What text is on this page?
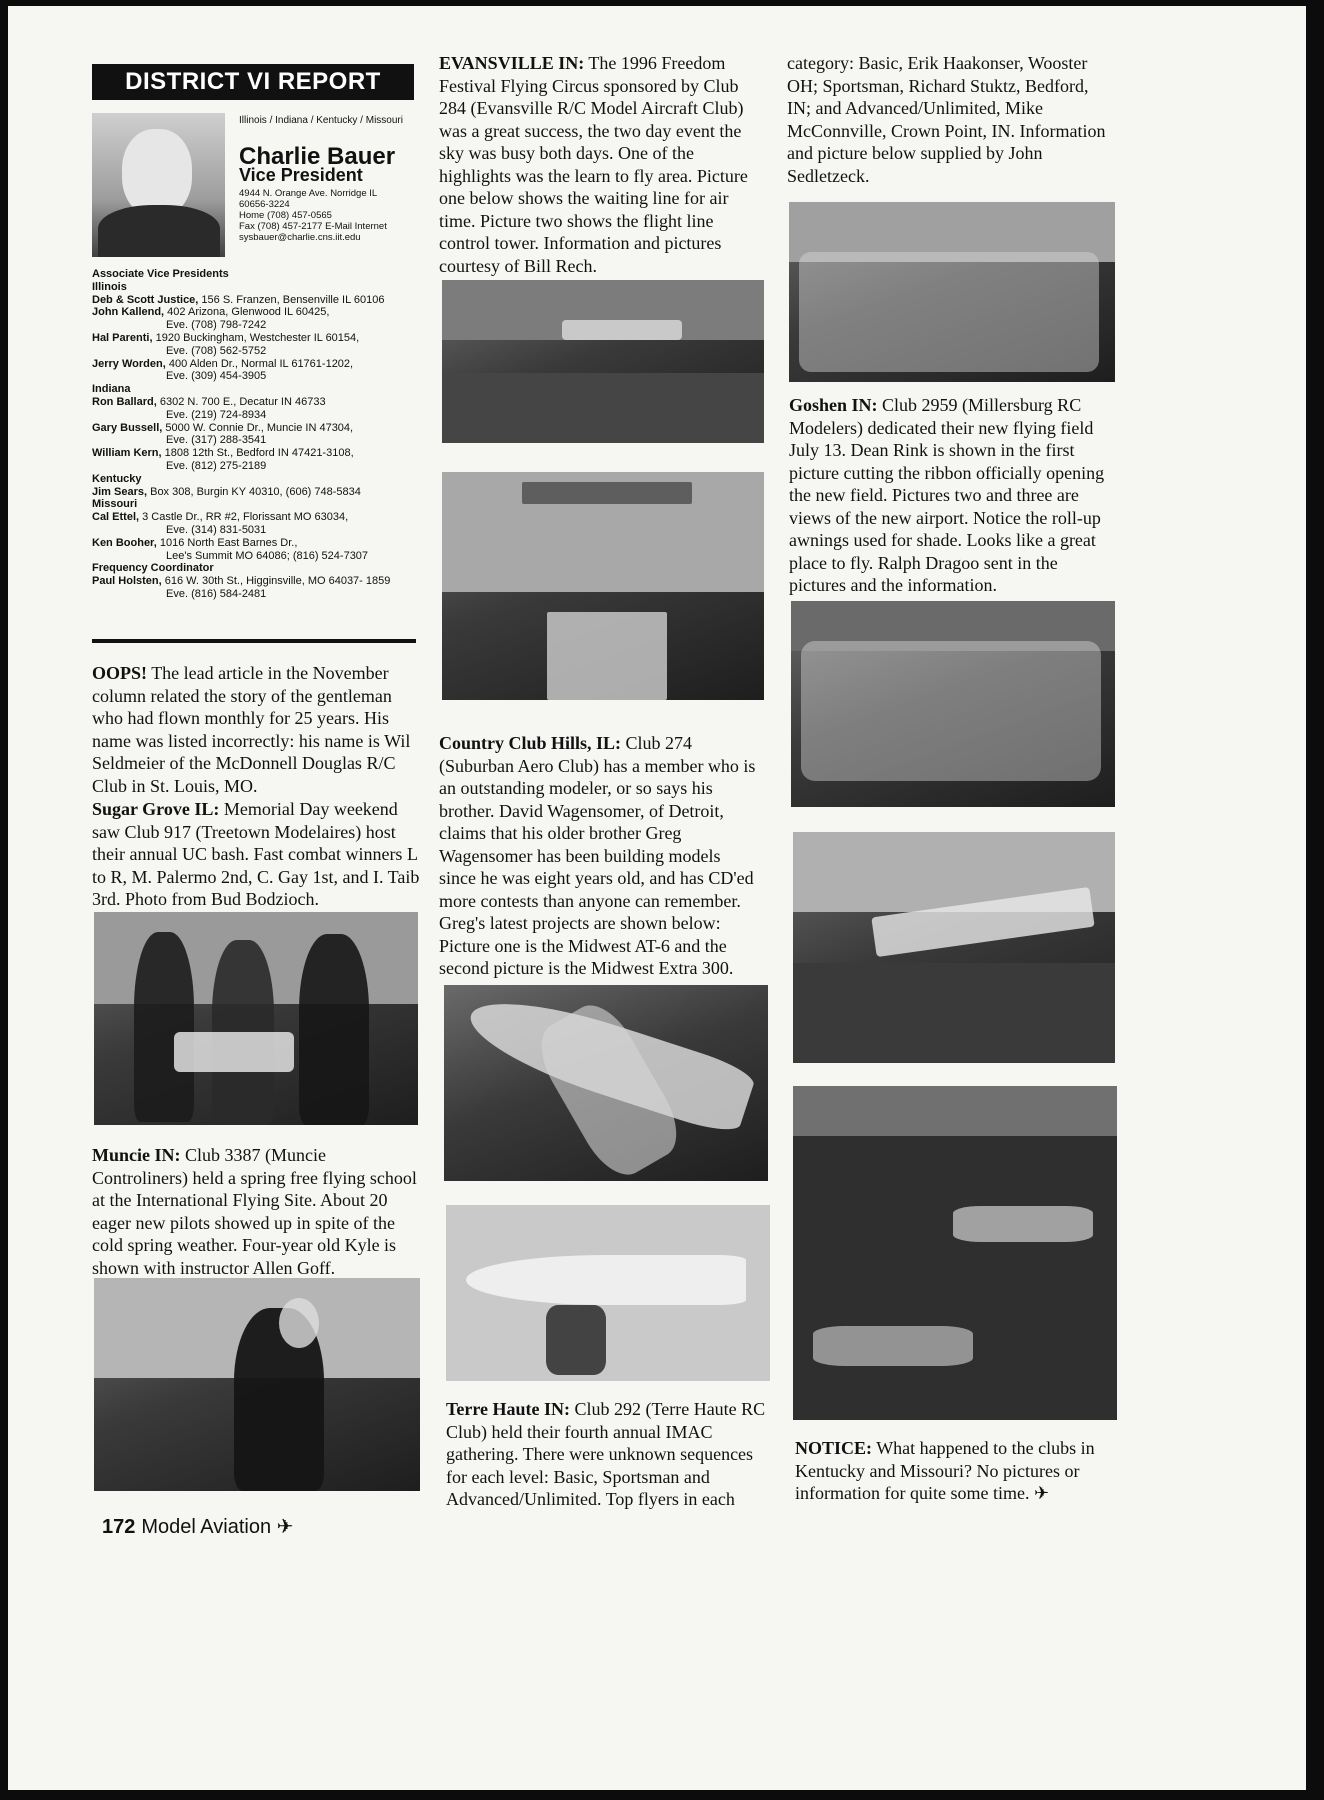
DISTRICT VI REPORT
Illinois / Indiana / Kentucky / Missouri
Charlie Bauer
Vice President
4944 N. Orange Ave. Norridge IL
60656-3224
Home (708) 457-0565
Fax (708) 457-2177 E-Mail Internet
sysbauer@charlie.cns.iit.edu
Associate Vice Presidents
Illinois
Deb & Scott Justice, 156 S. Franzen, Bensenville IL 60106
John Kallend, 402 Arizona, Glenwood IL 60425,
Eve. (708) 798-7242
Hal Parenti, 1920 Buckingham, Westchester IL 60154,
Eve. (708) 562-5752
Jerry Worden, 400 Alden Dr., Normal IL 61761-1202,
Eve. (309) 454-3905
Indiana
Ron Ballard, 6302 N. 700 E., Decatur IN 46733
Eve. (219) 724-8934
Gary Bussell, 5000 W. Connie Dr., Muncie IN 47304,
Eve. (317) 288-3541
William Kern, 1808 12th St., Bedford IN 47421-3108,
Eve. (812) 275-2189
Kentucky
Jim Sears, Box 308, Burgin KY 40310, (606) 748-5834
Missouri
Cal Ettel, 3 Castle Dr., RR #2, Florissant MO 63034,
Eve. (314) 831-5031
Ken Booher, 1016 North East Barnes Dr.,
Lee's Summit MO 64086; (816) 524-7307
Frequency Coordinator
Paul Holsten, 616 W. 30th St., Higginsville, MO 64037- 1859
Eve. (816) 584-2481

OOPS! The lead article in the November column related the story of the gentleman who had flown monthly for 25 years. His name was listed incorrectly: his name is Wil Seldmeier of the McDonnell Douglas R/C Club in St. Louis, MO.

Sugar Grove IL: Memorial Day weekend saw Club 917 (Treetown Modelaires) host their annual UC bash. Fast combat winners L to R, M. Palermo 2nd, C. Gay 1st, and I. Taib 3rd. Photo from Bud Bodzioch.

Muncie IN: Club 3387 (Muncie Controliners) held a spring free flying school at the International Flying Site. About 20 eager new pilots showed up in spite of the cold spring weather. Four-year old Kyle is shown with instructor Allen Goff.

EVANSVILLE IN: The 1996 Freedom Festival Flying Circus sponsored by Club 284 (Evansville R/C Model Aircraft Club) was a great success, the two day event the sky was busy both days. One of the highlights was the learn to fly area. Picture one below shows the waiting line for air time. Picture two shows the flight line control tower. Information and pictures courtesy of Bill Rech.

Country Club Hills, IL: Club 274 (Suburban Aero Club) has a member who is an outstanding modeler, or so says his brother. David Wagensomer, of Detroit, claims that his older brother Greg Wagensomer has been building models since he was eight years old, and has CD'ed more contests than anyone can remember. Greg's latest projects are shown below: Picture one is the Midwest AT-6 and the second picture is the Midwest Extra 300.

Terre Haute IN: Club 292 (Terre Haute RC Club) held their fourth annual IMAC gathering. There were unknown sequences for each level: Basic, Sportsman and Advanced/Unlimited. Top flyers in each

category: Basic, Erik Haakonser, Wooster OH; Sportsman, Richard Stuktz, Bedford, IN; and Advanced/Unlimited, Mike McConnville, Crown Point, IN. Information and picture below supplied by John Sedletzeck.

Goshen IN: Club 2959 (Millersburg RC Modelers) dedicated their new flying field July 13. Dean Rink is shown in the first picture cutting the ribbon officially opening the new field. Pictures two and three are views of the new airport. Notice the roll-up awnings used for shade. Looks like a great place to fly. Ralph Dragoo sent in the pictures and the information.

NOTICE: What happened to the clubs in Kentucky and Missouri? No pictures or information for quite some time. ✈

172 Model Aviation ✈
